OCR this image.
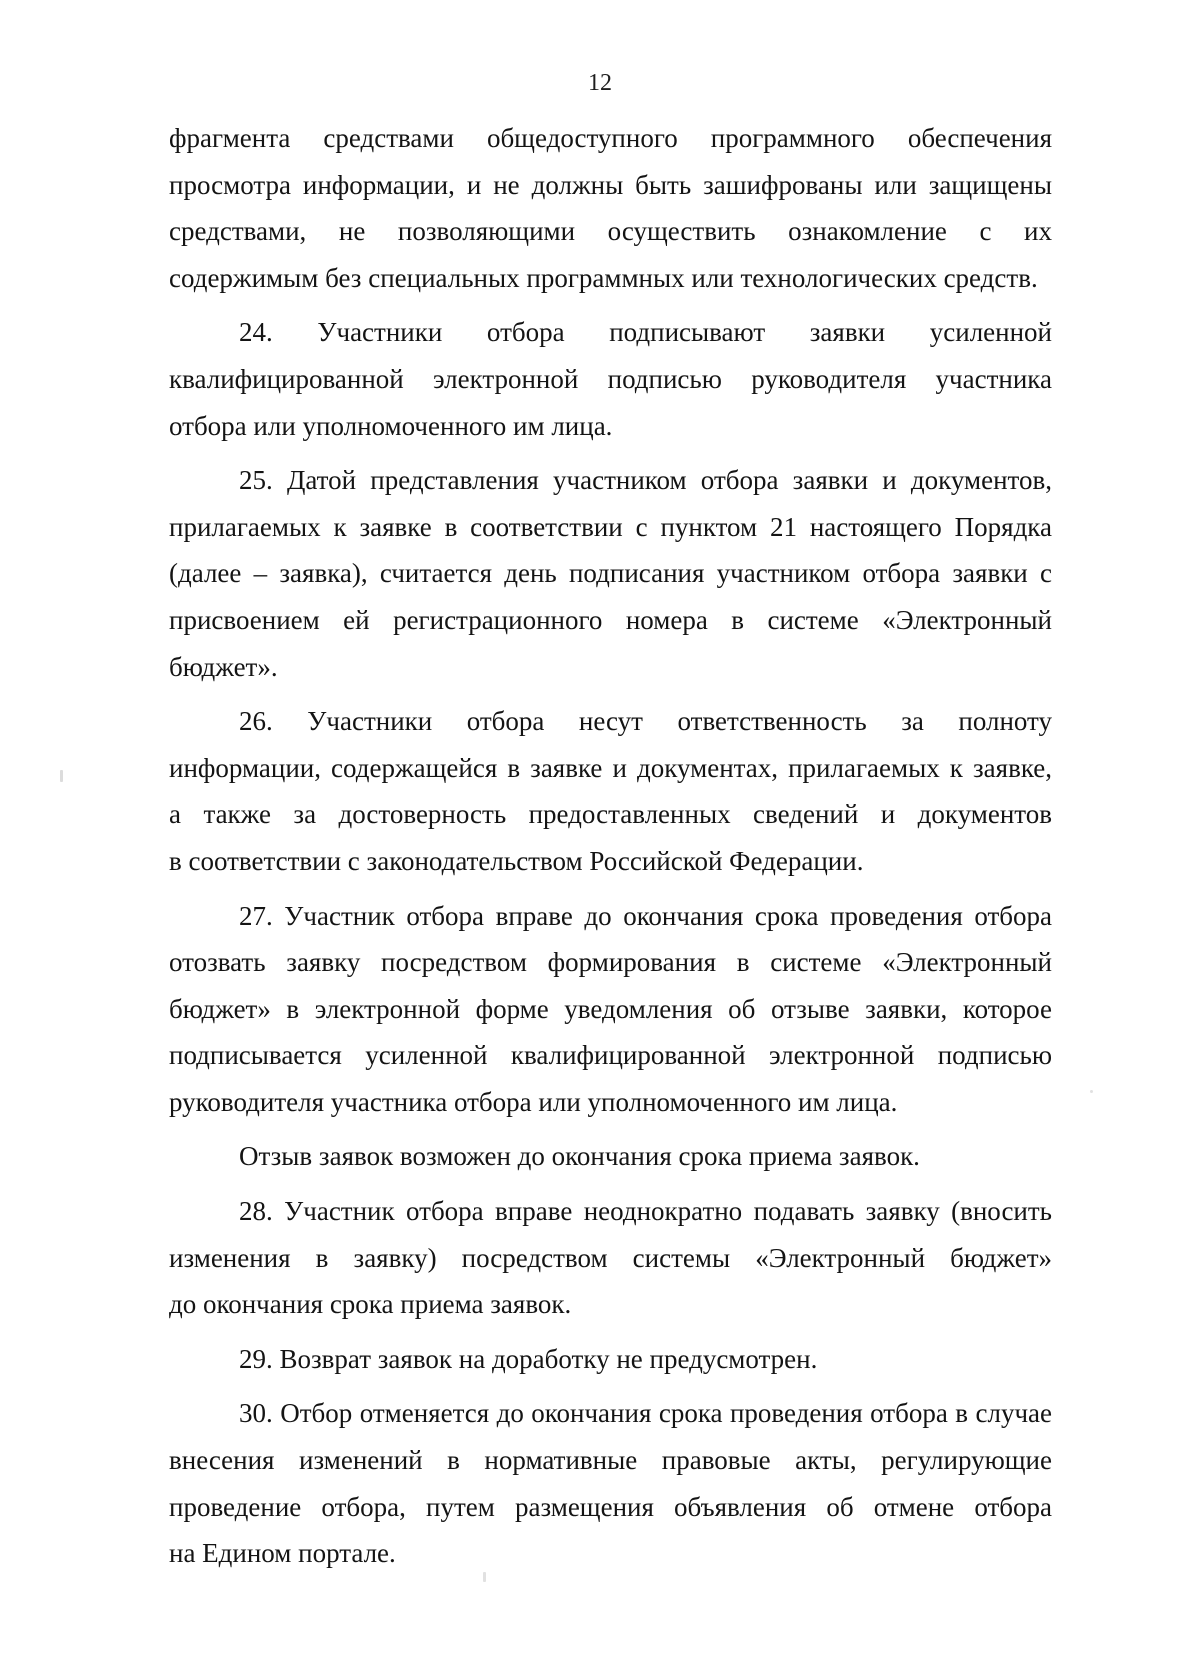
12
фрагмента средствами общедоступного программного обеспечения
просмотра информации, и не должны быть зашифрованы или защищены
средствами, не позволяющими осуществить ознакомление с их
содержимым без специальных программных или технологических средств.
24. Участники отбора подписывают заявки усиленной
квалифицированной электронной подписью руководителя участника
отбора или уполномоченного им лица.
25. Датой представления участником отбора заявки и документов,
прилагаемых к заявке в соответствии с пунктом 21 настоящего Порядка
(далее – заявка), считается день подписания участником отбора заявки с
присвоением ей регистрационного номера в системе «Электронный
бюджет».
26. Участники отбора несут ответственность за полноту
информации, содержащейся в заявке и документах, прилагаемых к заявке,
а также за достоверность предоставленных сведений и документов
в соответствии с законодательством Российской Федерации.
27. Участник отбора вправе до окончания срока проведения отбора
отозвать заявку посредством формирования в системе «Электронный
бюджет» в электронной форме уведомления об отзыве заявки, которое
подписывается усиленной квалифицированной электронной подписью
руководителя участника отбора или уполномоченного им лица.
Отзыв заявок возможен до окончания срока приема заявок.
28. Участник отбора вправе неоднократно подавать заявку (вносить
изменения в заявку) посредством системы «Электронный бюджет»
до окончания срока приема заявок.
29. Возврат заявок на доработку не предусмотрен.
30. Отбор отменяется до окончания срока проведения отбора в случае
внесения изменений в нормативные правовые акты, регулирующие
проведение отбора, путем размещения объявления об отмене отбора
на Едином портале.
